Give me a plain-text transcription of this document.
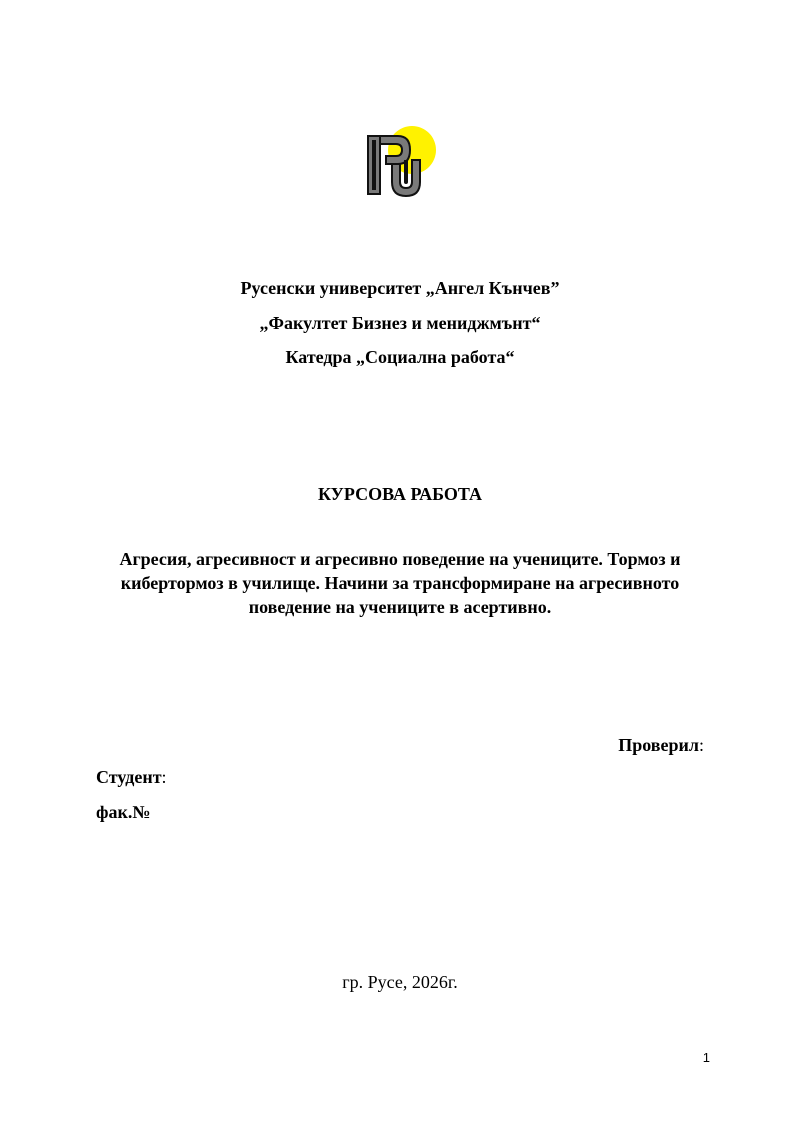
Русенски университет „Ангел Кънчев”
„Факултет Бизнез и мениджмънт“
Катедра „Социална работа“
КУРСОВА РАБОТА
Агресия, агресивност и агресивно поведение на учениците. Тормоз и
кибертормоз в училище. Начини за трансформиране на агресивното
поведение на учениците в асертивно.
Проверил:
Студент:
фак.№
гр. Русе, 2026г.
1
